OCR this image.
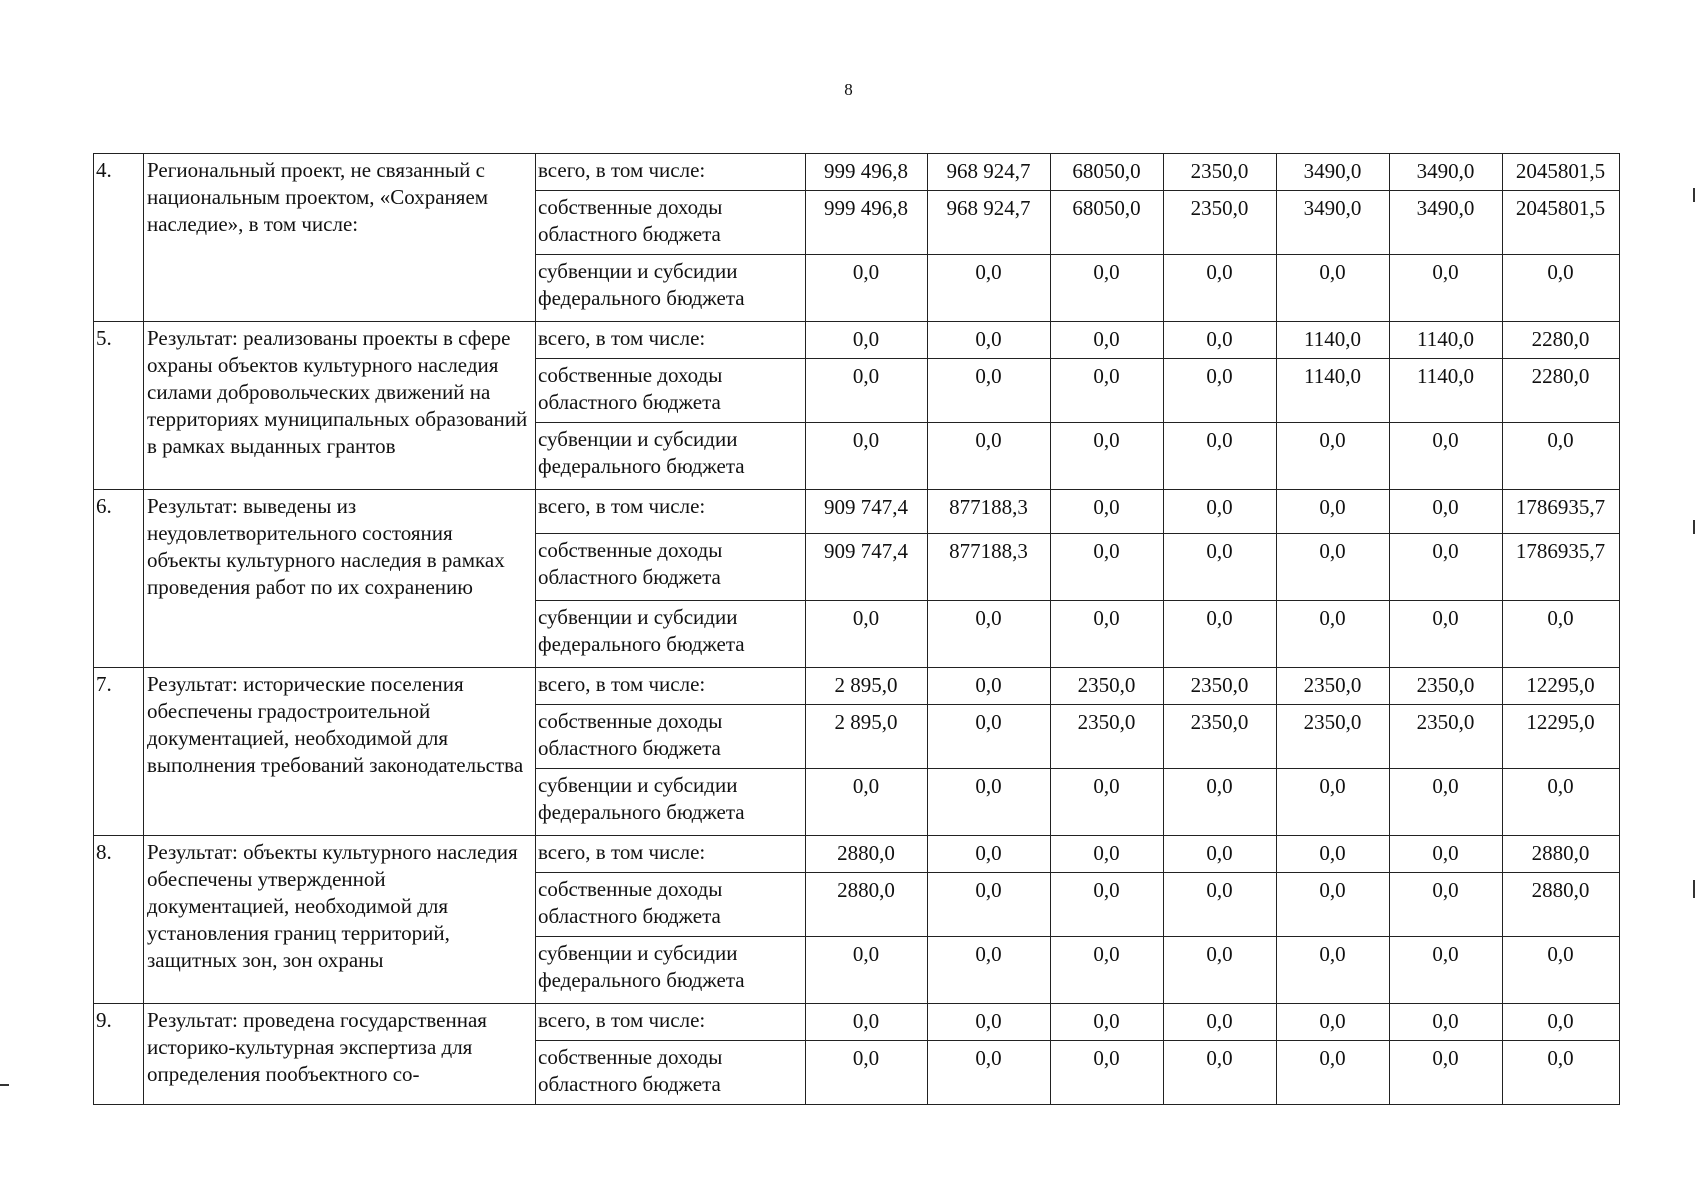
8
4.	Региональный проект, не связанный с национальным проектом, «Сохраняем наследие», в том числе:	всего, в том числе:	999 496,8	968 924,7	68050,0	2350,0	3490,0	3490,0	2045801,5
		собственные доходы областного бюджета	999 496,8	968 924,7	68050,0	2350,0	3490,0	3490,0	2045801,5
		субвенции и субсидии федерального бюджета	0,0	0,0	0,0	0,0	0,0	0,0	0,0
5.	Результат: реализованы проекты в сфере охраны объектов культурного наследия силами добровольческих движений на территориях муниципальных образований в рамках выданных грантов	всего, в том числе:	0,0	0,0	0,0	0,0	1140,0	1140,0	2280,0
		собственные доходы областного бюджета	0,0	0,0	0,0	0,0	1140,0	1140,0	2280,0
		субвенции и субсидии федерального бюджета	0,0	0,0	0,0	0,0	0,0	0,0	0,0
6.	Результат: выведены из неудовлетворительного состояния объекты культурного наследия в рамках проведения работ по их сохранению	всего, в том числе:	909 747,4	877188,3	0,0	0,0	0,0	0,0	1786935,7
		собственные доходы областного бюджета	909 747,4	877188,3	0,0	0,0	0,0	0,0	1786935,7
		субвенции и субсидии федерального бюджета	0,0	0,0	0,0	0,0	0,0	0,0	0,0
7.	Результат: исторические поселения обеспечены градостроительной документацией, необходимой для выполнения требований законодательства	всего, в том числе:	2 895,0	0,0	2350,0	2350,0	2350,0	2350,0	12295,0
		собственные доходы областного бюджета	2 895,0	0,0	2350,0	2350,0	2350,0	2350,0	12295,0
		субвенции и субсидии федерального бюджета	0,0	0,0	0,0	0,0	0,0	0,0	0,0
8.	Результат: объекты культурного наследия обеспечены утвержденной документацией, необходимой для установления границ территорий, защитных зон, зон охраны	всего, в том числе:	2880,0	0,0	0,0	0,0	0,0	0,0	2880,0
		собственные доходы областного бюджета	2880,0	0,0	0,0	0,0	0,0	0,0	2880,0
		субвенции и субсидии федерального бюджета	0,0	0,0	0,0	0,0	0,0	0,0	0,0
9.	Результат: проведена государственная историко-культурная экспертиза для определения пообъектного со-	всего, в том числе:	0,0	0,0	0,0	0,0	0,0	0,0	0,0
		собственные доходы областного бюджета	0,0	0,0	0,0	0,0	0,0	0,0	0,0
